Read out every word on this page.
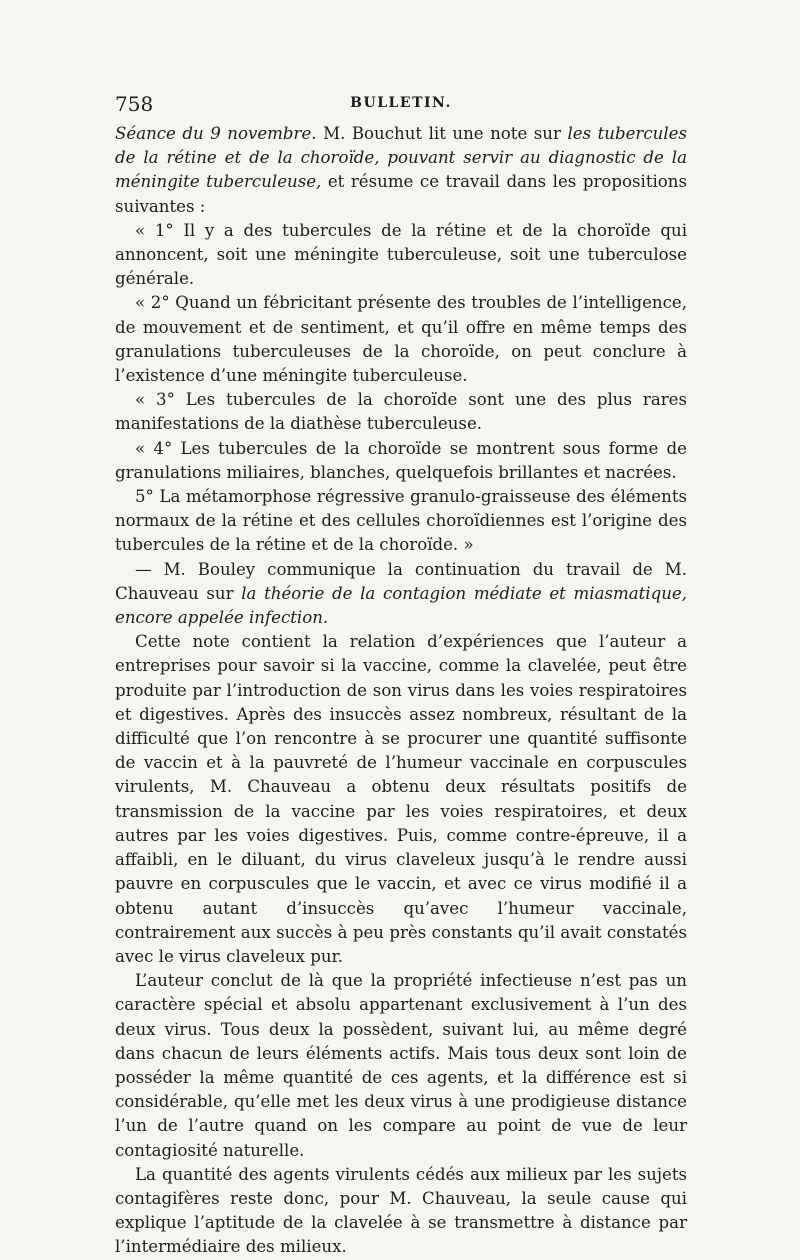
758	BULLETIN.

Séance du 9 novembre. M. Bouchut lit une note sur les tubercules de la rétine et de la choroïde, pouvant servir au diagnostic de la méningite tuberculeuse, et résume ce travail dans les propositions suivantes :

« 1° Il y a des tubercules de la rétine et de la choroïde qui annoncent, soit une méningite tuberculeuse, soit une tuberculose générale.

« 2° Quand un fébricitant présente des troubles de l’intelligence, de mouvement et de sentiment, et qu’il offre en même temps des granulations tuberculeuses de la choroïde, on peut conclure à l’existence d’une méningite tuberculeuse.

« 3° Les tubercules de la choroïde sont une des plus rares manifestations de la diathèse tuberculeuse.

« 4° Les tubercules de la choroïde se montrent sous forme de granulations miliaires, blanches, quelquefois brillantes et nacrées.

5° La métamorphose régressive granulo-graisseuse des éléments normaux de la rétine et des cellules choroïdiennes est l’origine des tubercules de la rétine et de la choroïde. »

— M. Bouley communique la continuation du travail de M. Chauveau sur la théorie de la contagion médiate et miasmatique, encore appelée infection.

Cette note contient la relation d’expériences que l’auteur a entreprises pour savoir si la vaccine, comme la clavelée, peut être produite par l’introduction de son virus dans les voies respiratoires et digestives. Après des insuccès assez nombreux, résultant de la difficulté que l’on rencontre à se procurer une quantité suffisonte de vaccin et à la pauvreté de l’humeur vaccinale en corpuscules virulents, M. Chauveau a obtenu deux résultats positifs de transmission de la vaccine par les voies respiratoires, et deux autres par les voies digestives. Puis, comme contre-épreuve, il a affaibli, en le diluant, du virus claveleux jusqu’à le rendre aussi pauvre en corpuscules que le vaccin, et avec ce virus modifié il a obtenu autant d’insuccès qu’avec l’humeur vaccinale, contrairement aux succès à peu près constants qu’il avait constatés avec le virus claveleux pur.

L’auteur conclut de là que la propriété infectieuse n’est pas un caractère spécial et absolu appartenant exclusivement à l’un des deux virus. Tous deux la possèdent, suivant lui, au même degré dans chacun de leurs éléments actifs. Mais tous deux sont loin de posséder la même quantité de ces agents, et la différence est si considérable, qu’elle met les deux virus à une prodigieuse distance l’un de l’autre quand on les compare au point de vue de leur contagiosité naturelle.

La quantité des agents virulents cédés aux milieux par les sujets contagifères reste donc, pour M. Chauveau, la seule cause qui explique l’aptitude de la clavelée à se transmettre à distance par l’intermédiaire des milieux.
